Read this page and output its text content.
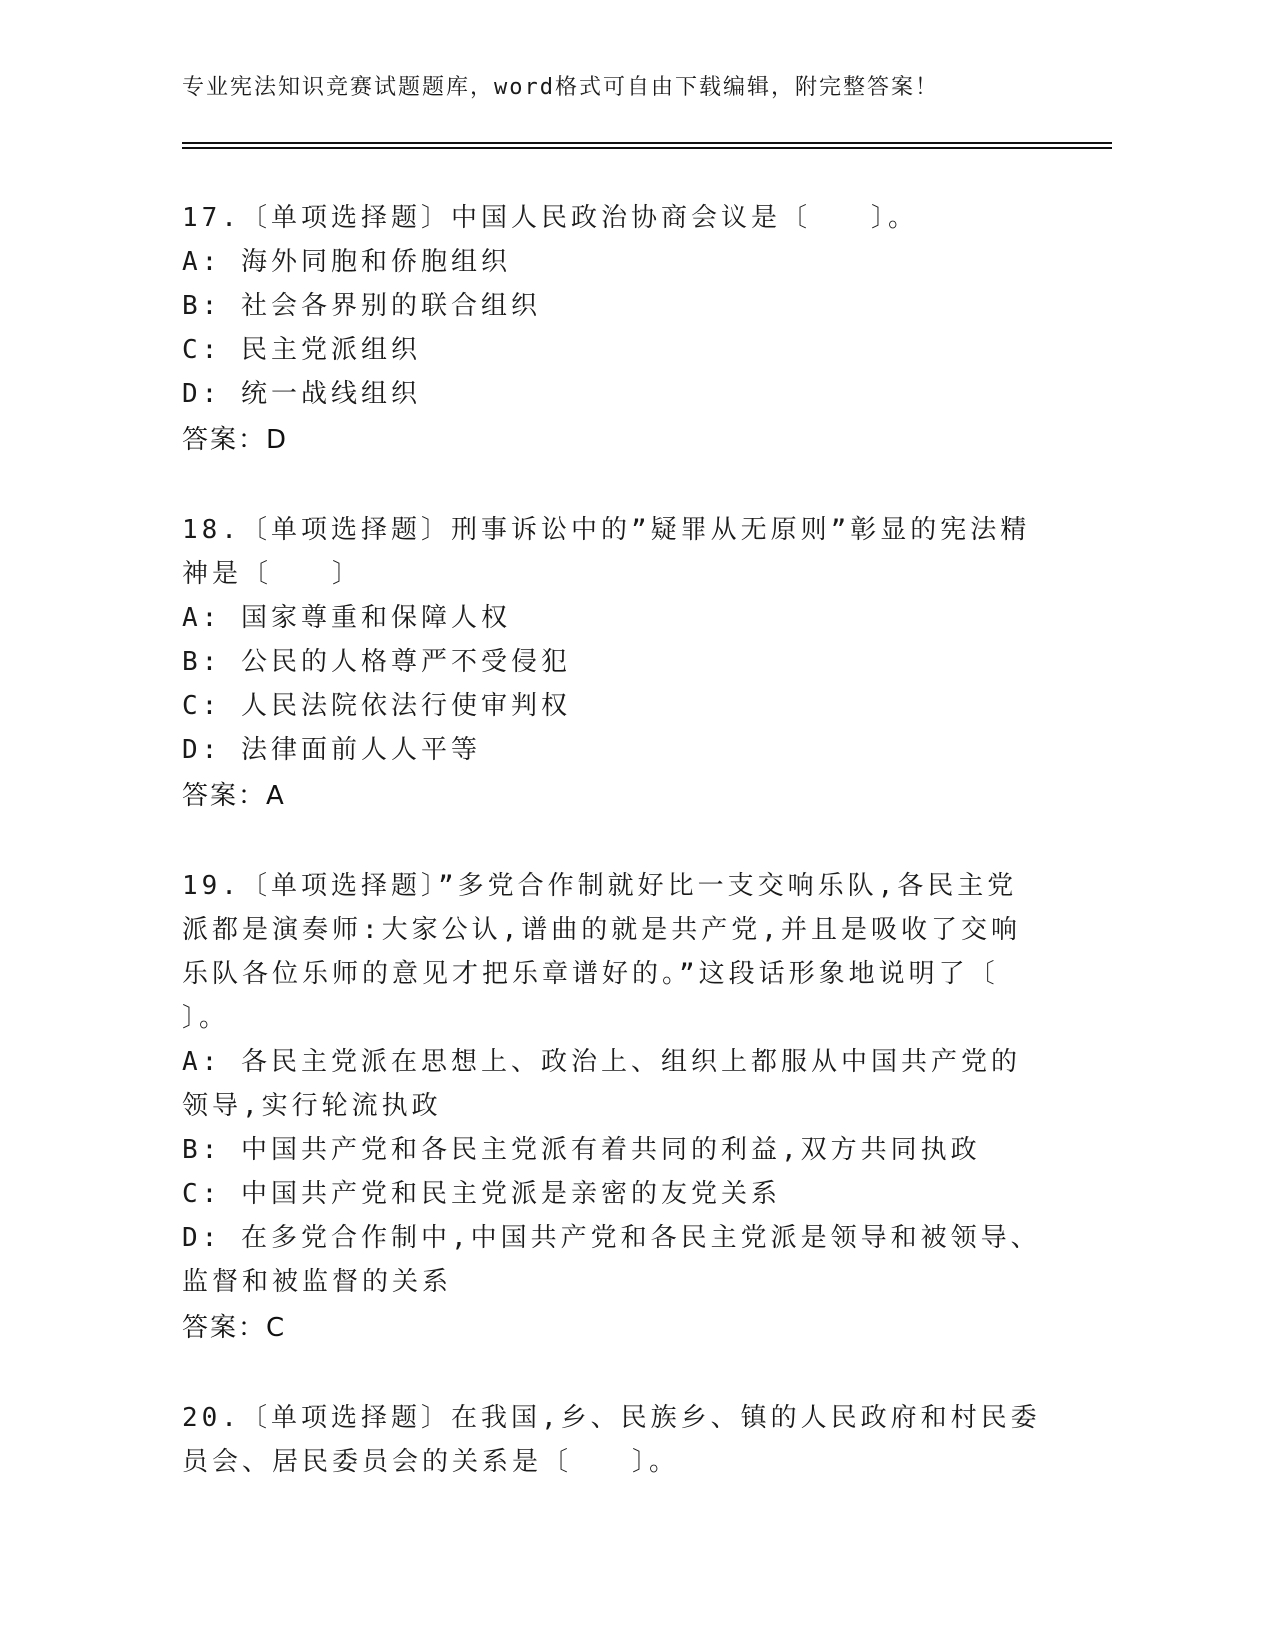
专业宪法知识竞赛试题题库，word格式可自由下载编辑，附完整答案！

17.〔单项选择题〕中国人民政治协商会议是〔　　〕。

A: 海外同胞和侨胞组织

B: 社会各界别的联合组织

C: 民主党派组织

D: 统一战线组织

答案：D

18.〔单项选择题〕刑事诉讼中的”疑罪从无原则”彰显的宪法精神是〔　　〕

A: 国家尊重和保障人权

B: 公民的人格尊严不受侵犯

C: 人民法院依法行使审判权

D: 法律面前人人平等

答案：A

19.〔单项选择题〕”多党合作制就好比一支交响乐队,各民主党派都是演奏师:大家公认,谱曲的就是共产党,并且是吸收了交响乐队各位乐师的意见才把乐章谱好的。”这段话形象地说明了〔　　〕。

A: 各民主党派在思想上、政治上、组织上都服从中国共产党的领导,实行轮流执政

B: 中国共产党和各民主党派有着共同的利益,双方共同执政

C: 中国共产党和民主党派是亲密的友党关系

D: 在多党合作制中,中国共产党和各民主党派是领导和被领导、监督和被监督的关系

答案：C

20.〔单项选择题〕在我国,乡、民族乡、镇的人民政府和村民委员会、居民委员会的关系是〔　　〕。
